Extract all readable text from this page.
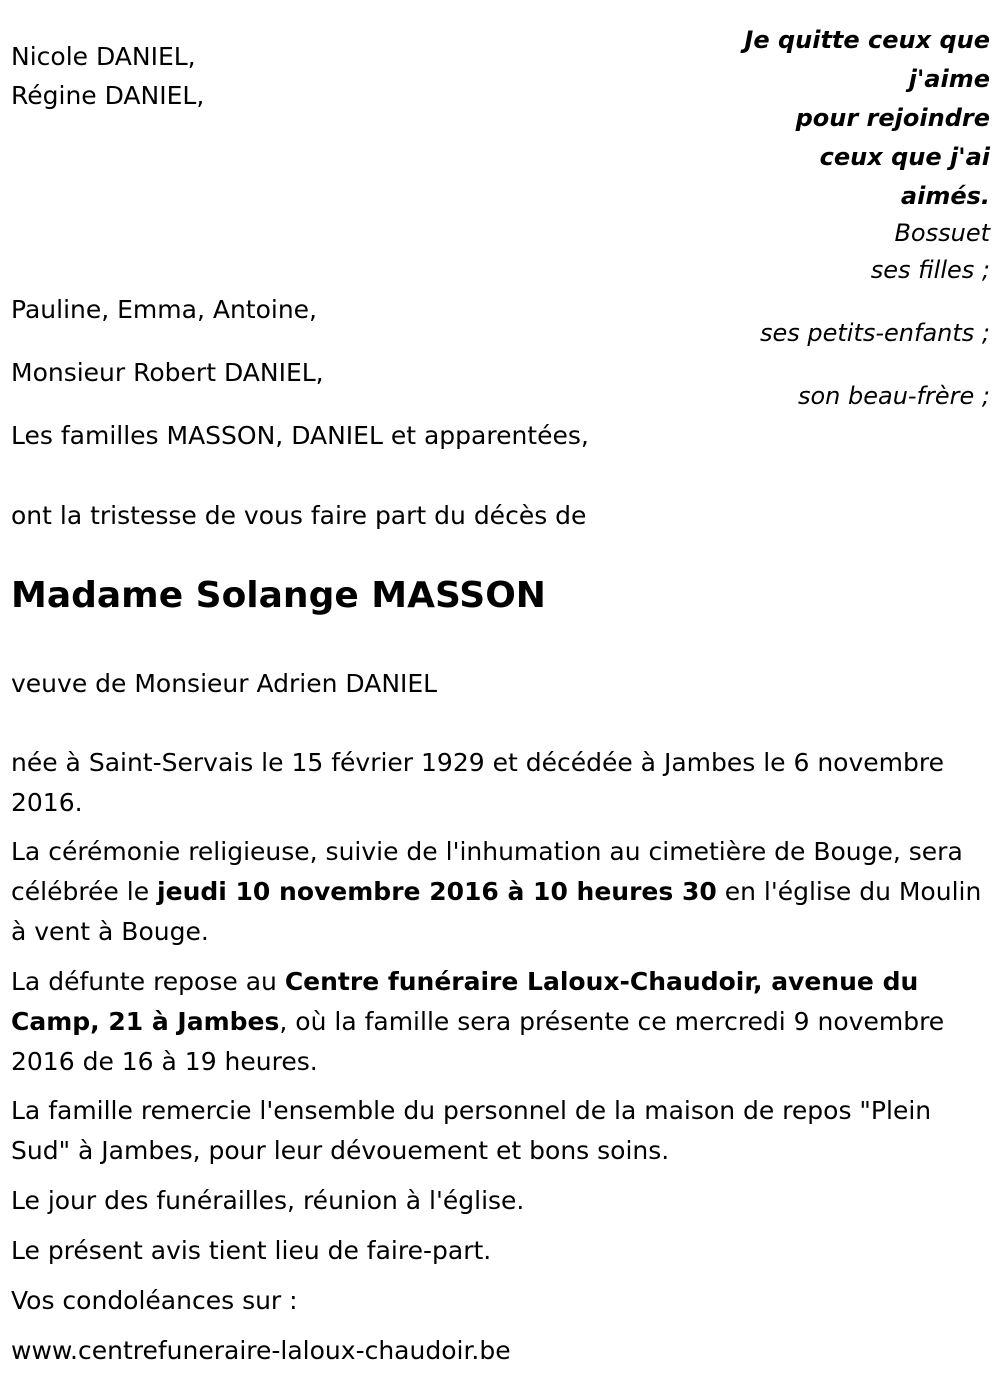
Nicole DANIEL,
Régine DANIEL,
Je quitte ceux que
j'aime
pour rejoindre
ceux que j'ai
aimés.
Bossuet
ses filles ;
Pauline, Emma, Antoine,
ses petits-enfants ;
Monsieur Robert DANIEL,
son beau-frère ;
Les familles MASSON, DANIEL et apparentées,
ont la tristesse de vous faire part du décès de
Madame Solange MASSON
veuve de Monsieur Adrien DANIEL
née à Saint-Servais le 15 février 1929 et décédée à Jambes le 6 novembre 2016.
La cérémonie religieuse, suivie de l'inhumation au cimetière de Bouge, sera célébrée le jeudi 10 novembre 2016 à 10 heures 30 en l'église du Moulin à vent à Bouge.
La défunte repose au Centre funéraire Laloux-Chaudoir, avenue du Camp, 21 à Jambes, où la famille sera présente ce mercredi 9 novembre 2016 de 16 à 19 heures.
La famille remercie l'ensemble du personnel de la maison de repos "Plein Sud" à Jambes, pour leur dévouement et bons soins.
Le jour des funérailles, réunion à l'église.
Le présent avis tient lieu de faire-part.
Vos condoléances sur :
www.centrefuneraire-laloux-chaudoir.be
